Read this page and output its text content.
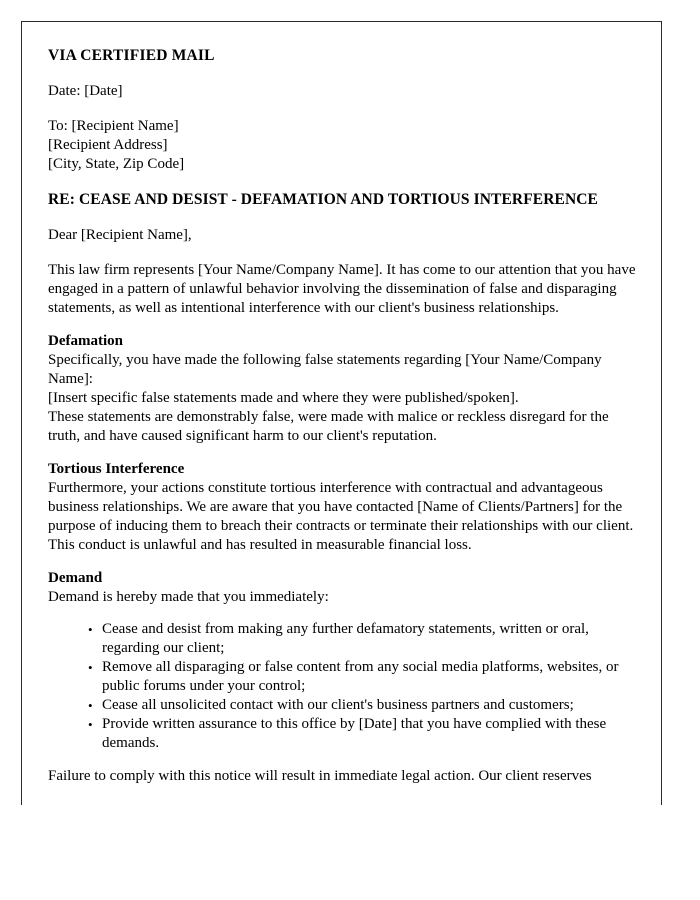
VIA CERTIFIED MAIL
Date: [Date]
To: [Recipient Name]
[Recipient Address]
[City, State, Zip Code]
RE: CEASE AND DESIST - DEFAMATION AND TORTIOUS INTERFERENCE
Dear [Recipient Name],

This law firm represents [Your Name/Company Name]. It has come to our attention that you have engaged in a pattern of unlawful behavior involving the dissemination of false and disparaging statements, as well as intentional interference with our client's business relationships.

Defamation
Specifically, you have made the following false statements regarding [Your Name/Company Name]:
[Insert specific false statements made and where they were published/spoken].
These statements are demonstrably false, were made with malice or reckless disregard for the truth, and have caused significant harm to our client's reputation.
Tortious Interference
Furthermore, your actions constitute tortious interference with contractual and advantageous business relationships. We are aware that you have contacted [Name of Clients/Partners] for the purpose of inducing them to breach their contracts or terminate their relationships with our client. This conduct is unlawful and has resulted in measurable financial loss.
Demand
Demand is hereby made that you immediately:
• Cease and desist from making any further defamatory statements, written or oral, regarding our client;
• Remove all disparaging or false content from any social media platforms, websites, or public forums under your control;
• Cease all unsolicited contact with our client's business partners and customers;
• Provide written assurance to this office by [Date] that you have complied with these demands.

Failure to comply with this notice will result in immediate legal action. Our client reserves
